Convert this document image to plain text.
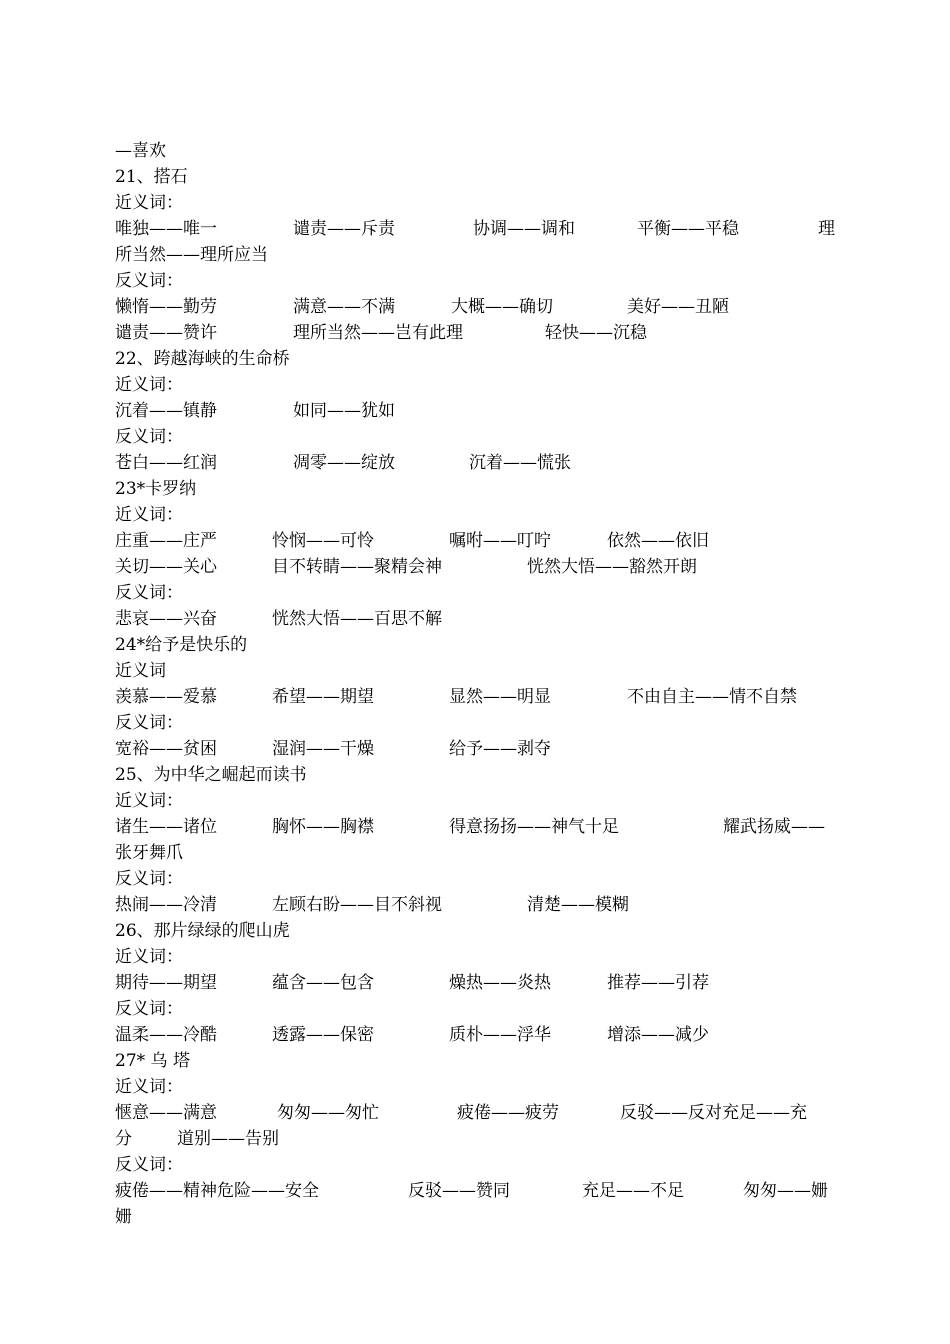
—喜欢
21、搭石
近义词：
唯独——唯一	谴责——斥责	协调——调和	平衡——平稳	理
所当然——理所应当
反义词：
懒惰——勤劳	满意——不满	大概——确切	美好——丑陋
谴责——赞许	理所当然——岂有此理	轻快——沉稳
22、跨越海峡的生命桥
近义词：
沉着——镇静	如同——犹如
反义词：
苍白——红润	凋零——绽放	沉着——慌张
23*卡罗纳
近义词：
庄重——庄严	怜悯——可怜	嘱咐——叮咛	依然——依旧
关切——关心	目不转睛——聚精会神	恍然大悟——豁然开朗
反义词：
悲哀——兴奋	恍然大悟——百思不解
24*给予是快乐的
近义词
羡慕——爱慕	希望——期望	显然——明显	不由自主——情不自禁
反义词：
宽裕——贫困	湿润——干燥	给予——剥夺
25、为中华之崛起而读书
近义词：
诸生——诸位	胸怀——胸襟	得意扬扬——神气十足	耀武扬威——
张牙舞爪
反义词：
热闹——冷清	左顾右盼——目不斜视	清楚——模糊
26、那片绿绿的爬山虎
近义词：
期待——期望	蕴含——包含	燥热——炎热	推荐——引荐
反义词：
温柔——冷酷	透露——保密	质朴——浮华	增添——减少
27* 乌 塔
近义词：
惬意——满意	匆匆——匆忙	疲倦——疲劳	反驳——反对充足——充
分	道别——告别
反义词：
疲倦——精神危险——安全	反驳——赞同	充足——不足	匆匆——姗
姗
